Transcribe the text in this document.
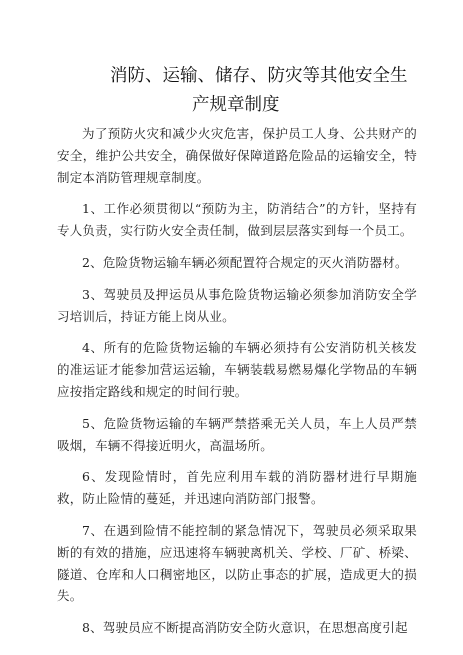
消防、运输、储存、防灾等其他安全生
产规章制度

为了预防火灾和减少火灾危害，保护员工人身、公共财产的安全，维护公共安全，确保做好保障道路危险品的运输安全，特制定本消防管理规章制度。

1、工作必须贯彻以“预防为主，防消结合”的方针，坚持有专人负责，实行防火安全责任制，做到层层落实到每一个员工。

2、危险货物运输车辆必须配置符合规定的灭火消防器材。

3、驾驶员及押运员从事危险货物运输必须参加消防安全学习培训后，持证方能上岗从业。

4、所有的危险货物运输的车辆必须持有公安消防机关核发的准运证才能参加营运运输，车辆装载易燃易爆化学物品的车辆应按指定路线和规定的时间行驶。

5、危险货物运输的车辆严禁搭乘无关人员，车上人员严禁吸烟，车辆不得接近明火，高温场所。

6、发现险情时，首先应利用车载的消防器材进行早期施救，防止险情的蔓延，并迅速向消防部门报警。

7、在遇到险情不能控制的紧急情况下，驾驶员必须采取果断的有效的措施，应迅速将车辆驶离机关、学校、厂矿、桥梁、隧道、仓库和人口稠密地区，以防止事态的扩展，造成更大的损失。

8、驾驶员应不断提高消防安全防火意识，在思想高度引起
